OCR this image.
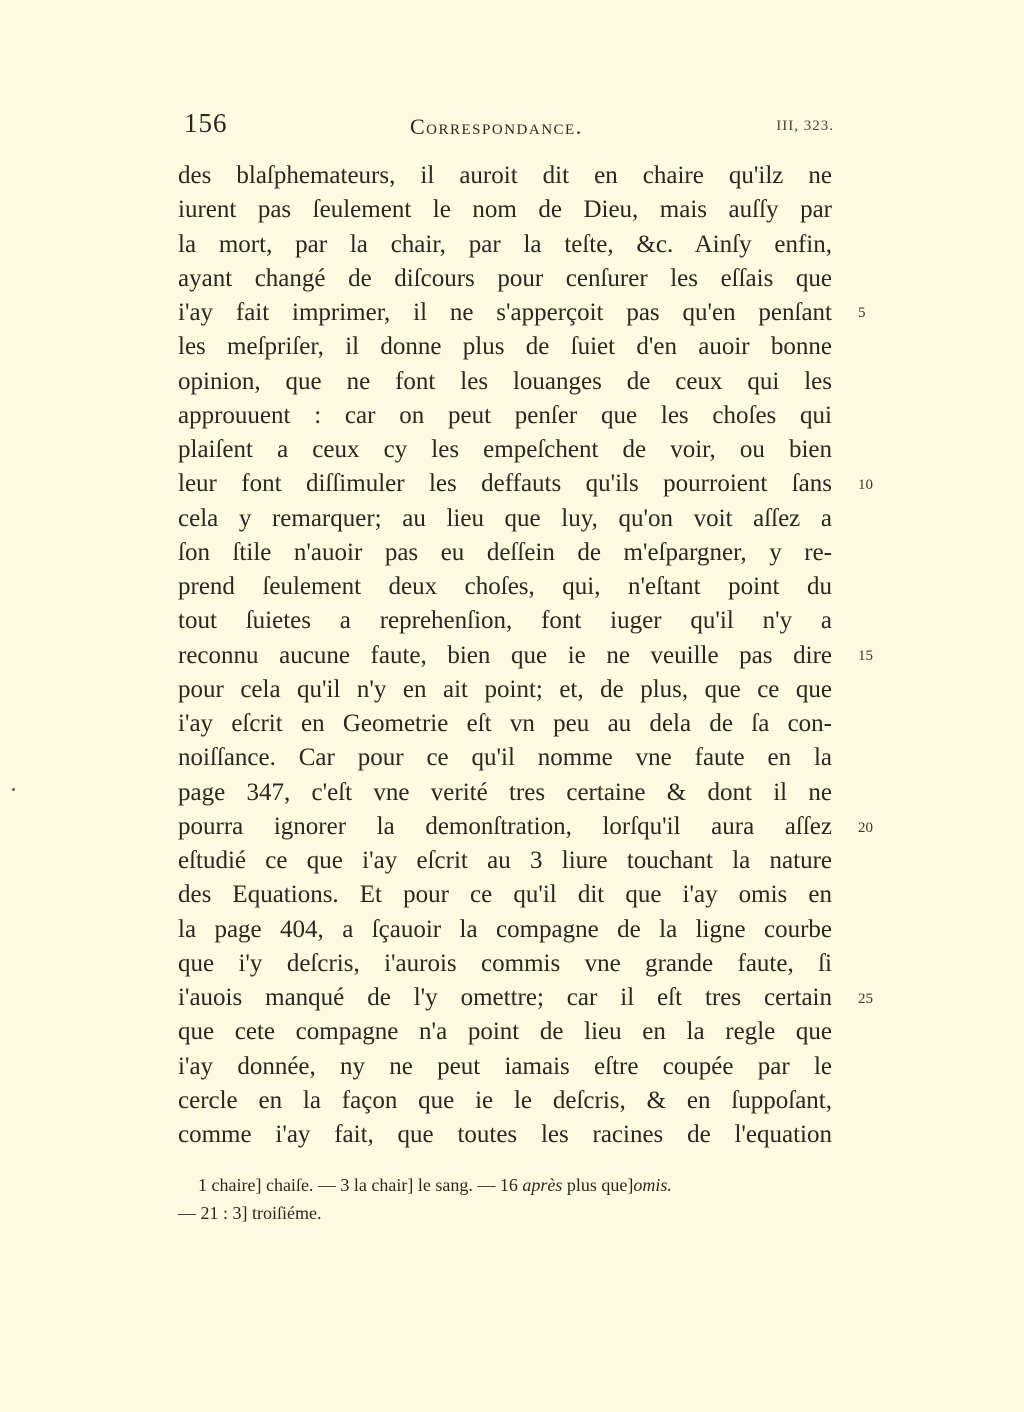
156	Correspondance.	III, 323.
des blaſphemateurs, il auroit dit en chaire qu'ilz ne
iurent pas ſeulement le nom de Dieu, mais auſſy par
la mort, par la chair, par la teſte, &c. Ainſy enfin,
ayant changé de diſcours pour cenſurer les eſſais que
i'ay fait imprimer, il ne s'apperçoit pas qu'en penſant
les meſpriſer, il donne plus de ſuiet d'en auoir bonne
opinion, que ne font les louanges de ceux qui les
approuuent : car on peut penſer que les choſes qui
plaiſent a ceux cy les empeſchent de voir, ou bien
leur font diſſimuler les deffauts qu'ils pourroient ſans
cela y remarquer; au lieu que luy, qu'on voit aſſez a
ſon ſtile n'auoir pas eu deſſein de m'eſpargner, y re-
prend ſeulement deux choſes, qui, n'eſtant point du
tout ſuietes a reprehenſion, font iuger qu'il n'y a
reconnu aucune faute, bien que ie ne veuille pas dire
pour cela qu'il n'y en ait point; et, de plus, que ce que
i'ay eſcrit en Geometrie eſt vn peu au dela de ſa con-
noiſſance. Car pour ce qu'il nomme vne faute en la
page 347, c'eſt vne verité tres certaine & dont il ne
pourra ignorer la demonſtration, lorſqu'il aura aſſez
eſtudié ce que i'ay eſcrit au 3 liure touchant la nature
des Equations. Et pour ce qu'il dit que i'ay omis en
la page 404, a ſçauoir la compagne de la ligne courbe
que i'y deſcris, i'aurois commis vne grande faute, ſi
i'auois manqué de l'y omettre; car il eſt tres certain
que cete compagne n'a point de lieu en la regle que
i'ay donnée, ny ne peut iamais eſtre coupée par le
cercle en la façon que ie le deſcris, & en ſuppoſant,
comme i'ay fait, que toutes les racines de l'equation
5
10
15
20
25
1 chaire] chaiſe. — 3 la chair] le sang. — 16 après plus que]omis.
— 21 : 3] troiſiéme.
